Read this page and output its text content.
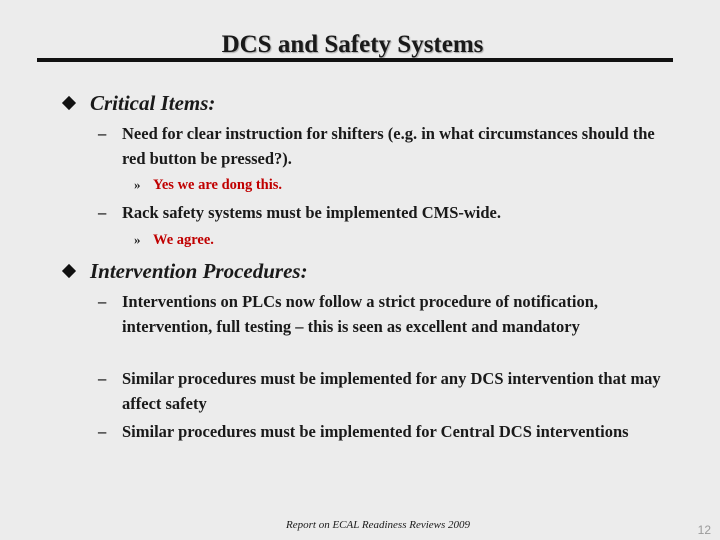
DCS and Safety Systems
Critical Items:
– Need for clear instruction for shifters (e.g. in what circumstances should the red button be pressed?).
» Yes we are dong this.
– Rack safety systems must be implemented CMS-wide.
» We agree.
Intervention Procedures:
– Interventions on PLCs now follow a strict procedure of notification, intervention, full testing – this is seen as excellent and mandatory
– Similar procedures must be implemented for any DCS intervention that may affect safety
– Similar procedures must be implemented for Central DCS interventions
Report on ECAL Readiness Reviews 2009	12
